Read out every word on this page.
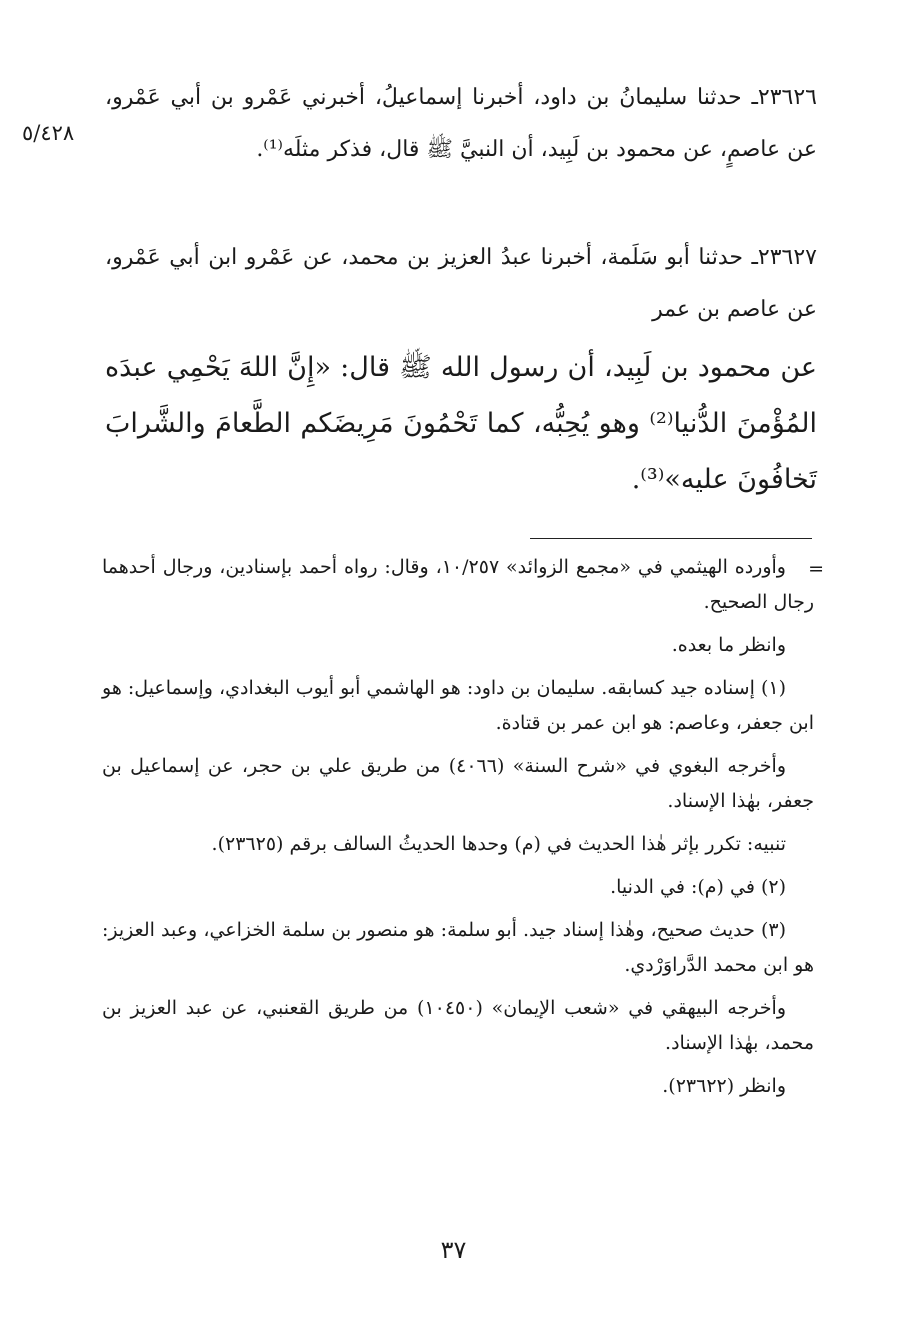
٥/٤٢٨

٢٣٦٢٦ـ حدثنا سليمانُ بن داود، أخبرنا إسماعيلُ، أخبرني عَمْرو بن أبي عَمْرو، عن عاصمٍ، عن محمود بن لَبِيد، أن النبيَّ ﷺ قال، فذكر مثلَه⁽¹⁾.

٢٣٦٢٧ـ حدثنا أبو سَلَمة، أخبرنا عبدُ العزيز بن محمد، عن عَمْرو ابن أبي عَمْرو، عن عاصم بن عمر

عن محمود بن لَبِيد، أن رسول الله ﷺ قال: «إِنَّ اللهَ يَحْمِي عبدَه المُؤْمنَ الدُّنيا⁽²⁾ وهو يُحِبُّه، كما تَحْمُونَ مَرِيضَكم الطَّعامَ والشَّرابَ تَخافُونَ عليه»⁽³⁾.

=

وأورده الهيثمي في «مجمع الزوائد» ١٠/٢٥٧، وقال: رواه أحمد بإسنادين، ورجال أحدهما رجال الصحيح.

وانظر ما بعده.

(١) إسناده جيد كسابقه. سليمان بن داود: هو الهاشمي أبو أيوب البغدادي، وإسماعيل: هو ابن جعفر، وعاصم: هو ابن عمر بن قتادة.

وأخرجه البغوي في «شرح السنة» (٤٠٦٦) من طريق علي بن حجر، عن إسماعيل بن جعفر، بهٰذا الإسناد.

تنبيه: تكرر بإثر هٰذا الحديث في (م) وحدها الحديثُ السالف برقم (٢٣٦٢٥).

(٢) في (م): في الدنيا.

(٣) حديث صحيح، وهٰذا إسناد جيد. أبو سلمة: هو منصور بن سلمة الخزاعي، وعبد العزيز: هو ابن محمد الدَّراوَرْدي.

وأخرجه البيهقي في «شعب الإيمان» (١٠٤٥٠) من طريق القعنبي، عن عبد العزيز بن محمد، بهٰذا الإسناد.

وانظر (٢٣٦٢٢).

٣٧
